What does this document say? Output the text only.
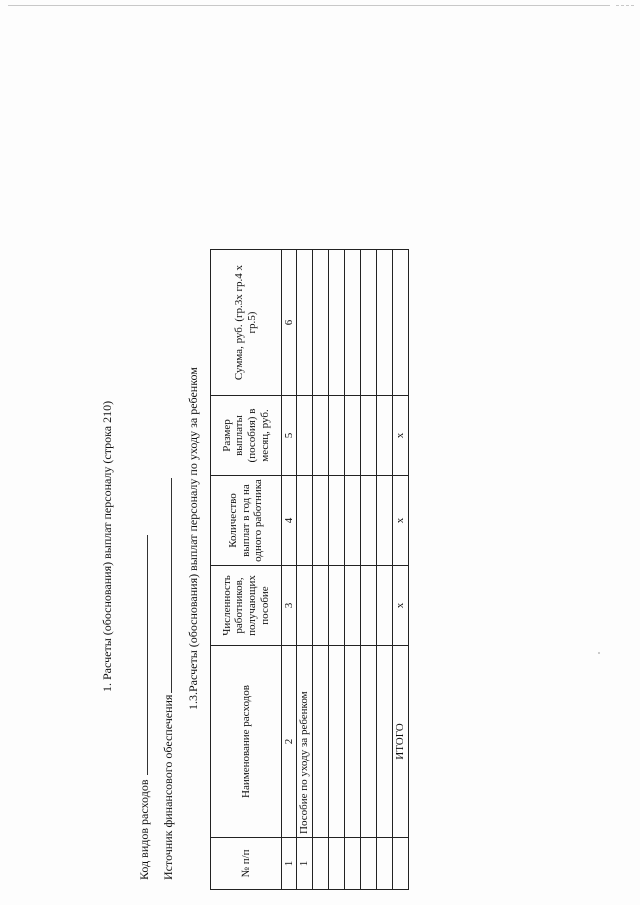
1. Расчеты (обоснования) выплат персоналу (строка 210)
Код видов расходов Источник финансового обеспечения
1.3.Расчеты (обоснования) выплат персоналу по уходу за ребенком
№ п/п	Наименование расходов	Численность работников, получающих пособие	Количество выплат в год на одного работника	Размер выплаты (пособия) в месяц, руб.	Сумма, руб. (гр.3х гр.4 х гр.5)
1	2	3	4	5	6
1	Пособие по уходу за ребенком				

	ИТОГО	x	x	x	
